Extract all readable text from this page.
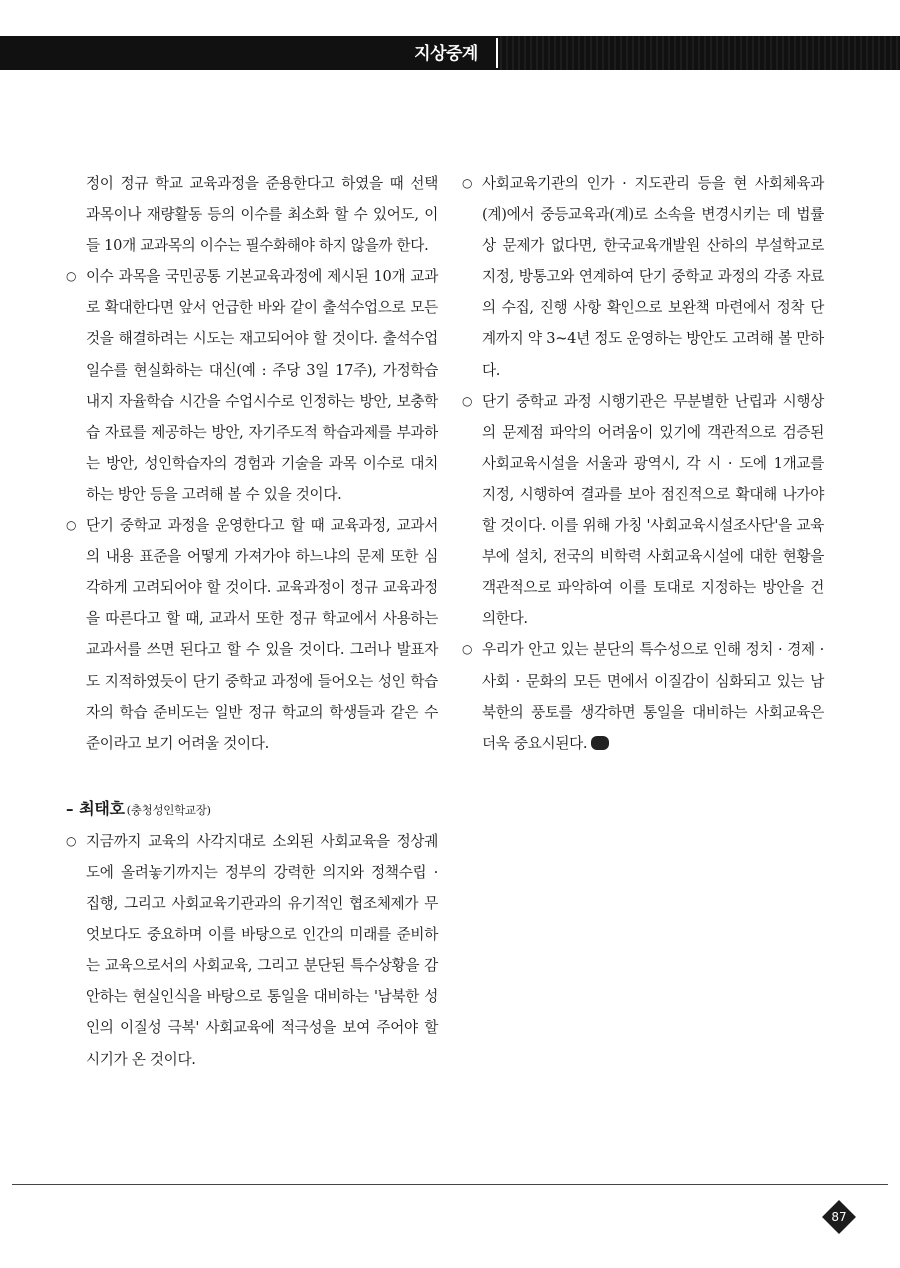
지상중계

정이 정규 학교 교육과정을 준용한다고 하였을 때 선택 과목이나 재량활동 등의 이수를 최소화 할 수 있어도, 이들 10개 교과목의 이수는 필수화해야 하지 않을까 한다.

○ 이수 과목을 국민공통 기본교육과정에 제시된 10개 교과로 확대한다면 앞서 언급한 바와 같이 출석수업으로 모든 것을 해결하려는 시도는 재고되어야 할 것이다. 출석수업 일수를 현실화하는 대신(예 : 주당 3일 17주), 가정학습 내지 자율학습 시간을 수업시수로 인정하는 방안, 보충학습 자료를 제공하는 방안, 자기주도적 학습과제를 부과하는 방안, 성인학습자의 경험과 기술을 과목 이수로 대치하는 방안 등을 고려해 볼 수 있을 것이다.
○ 단기 중학교 과정을 운영한다고 할 때 교육과정, 교과서의 내용 표준을 어떻게 가져가야 하느냐의 문제 또한 심각하게 고려되어야 할 것이다. 교육과정이 정규 교육과정을 따른다고 할 때, 교과서 또한 정규 학교에서 사용하는 교과서를 쓰면 된다고 할 수 있을 것이다. 그러나 발표자도 지적하였듯이 단기 중학교 과정에 들어오는 성인 학습자의 학습 준비도는 일반 정규 학교의 학생들과 같은 수준이라고 보기 어려울 것이다.
– 최태호 (충청성인학교장)
○ 지금까지 교육의 사각지대로 소외된 사회교육을 정상궤도에 올려놓기까지는 정부의 강력한 의지와 정책수립 · 집행, 그리고 사회교육기관과의 유기적인 협조체제가 무엇보다도 중요하며 이를 바탕으로 인간의 미래를 준비하는 교육으로서의 사회교육, 그리고 분단된 특수상황을 감안하는 현실인식을 바탕으로 통일을 대비하는 '남북한 성인의 이질성 극복' 사회교육에 적극성을 보여 주어야 할 시기가 온 것이다.
○ 사회교육기관의 인가 · 지도관리 등을 현 사회체육과(계)에서 중등교육과(계)로 소속을 변경시키는 데 법률상 문제가 없다면, 한국교육개발원 산하의 부설학교로 지정, 방통고와 연계하여 단기 중학교 과정의 각종 자료의 수집, 진행 사항 확인으로 보완책 마련에서 정착 단계까지 약 3~4년 정도 운영하는 방안도 고려해 볼 만하다.
○ 단기 중학교 과정 시행기관은 무분별한 난립과 시행상의 문제점 파악의 어려움이 있기에 객관적으로 검증된 사회교육시설을 서울과 광역시, 각 시 · 도에 1개교를 지정, 시행하여 결과를 보아 점진적으로 확대해 나가야 할 것이다. 이를 위해 가칭 '사회교육시설조사단'을 교육부에 설치, 전국의 비학력 사회교육시설에 대한 현황을 객관적으로 파악하여 이를 토대로 지정하는 방안을 건의한다.
○ 우리가 안고 있는 분단의 특수성으로 인해 정치 · 경제 · 사회 · 문화의 모든 면에서 이질감이 심화되고 있는 남북한의 풍토를 생각하면 통일을 대비하는 사회교육은 더욱 중요시된다.
87
